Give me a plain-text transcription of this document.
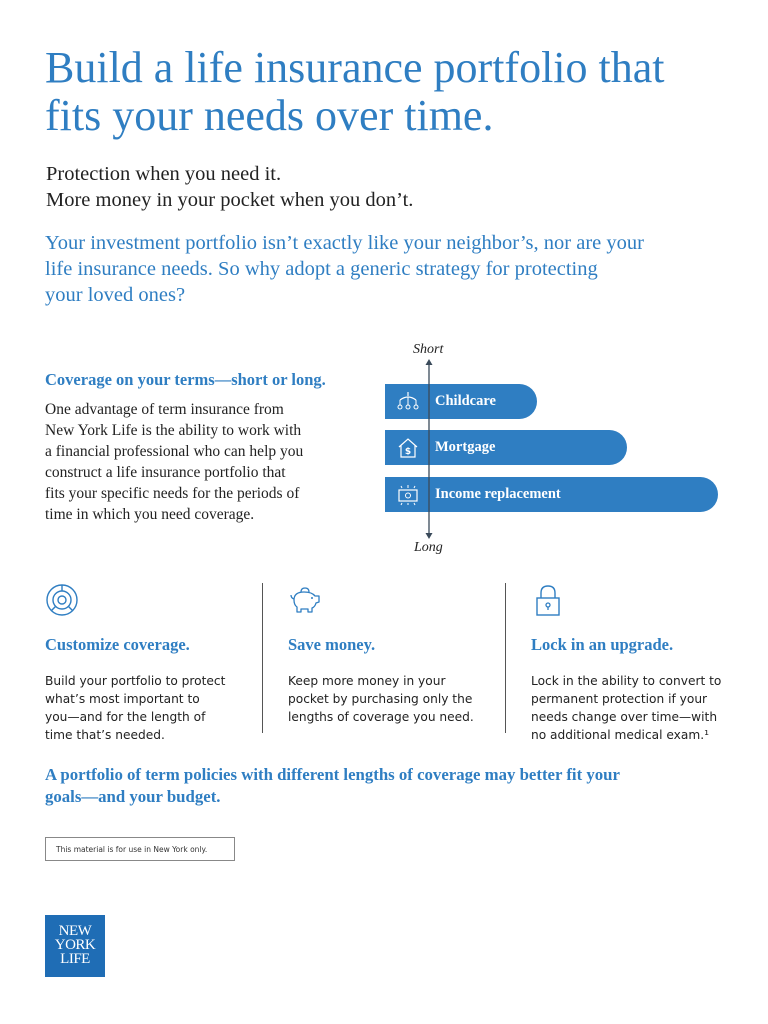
Build a life insurance portfolio that
fits your needs over time.
Protection when you need it.
More money in your pocket when you don’t.
Your investment portfolio isn’t exactly like your neighbor’s, nor are your
life insurance needs. So why adopt a generic strategy for protecting
your loved ones?
Coverage on your terms—short or long.
One advantage of term insurance from
New York Life is the ability to work with
a financial professional who can help you
construct a life insurance portfolio that
fits your specific needs for the periods of
time in which you need coverage.
Short
Long
Childcare
$ Mortgage
Income replacement
Customize coverage.
Build your portfolio to protect
what’s most important to
you—and for the length of
time that’s needed.
Save money.
Keep more money in your
pocket by purchasing only the
lengths of coverage you need.
Lock in an upgrade.
Lock in the ability to convert to
permanent protection if your
needs change over time—with
no additional medical exam.¹
A portfolio of term policies with different lengths of coverage may better fit your
goals—and your budget.
This material is for use in New York only.
NEW
YORK
LIFE
